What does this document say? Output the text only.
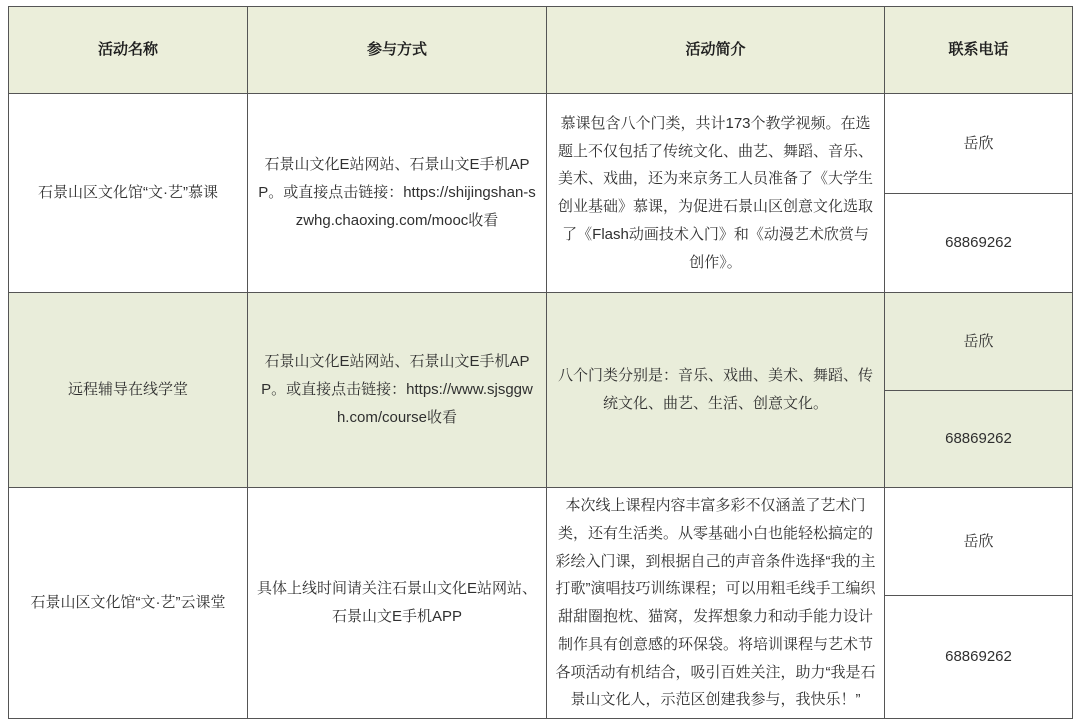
活动名称	参与方式	活动简介	联系电话
石景山区文化馆“文·艺”慕课	石景山文化E站网站、石景山文E手机APP。或直接点击链接：https://shijingshan-szwhg.chaoxing.com/mooc收看	慕课包含八个门类，共计173个教学视频。在选题上不仅包括了传统文化、曲艺、舞蹈、音乐、美术、戏曲，还为来京务工人员准备了《大学生创业基础》慕课，为促进石景山区创意文化选取了《Flash动画技术入门》和《动漫艺术欣赏与创作》。	岳欣
			68869262
远程辅导在线学堂	石景山文化E站网站、石景山文E手机APP。或直接点击链接：https://www.sjsggwh.com/course收看	八个门类分别是：音乐、戏曲、美术、舞蹈、传统文化、曲艺、生活、创意文化。	岳欣
			68869262
石景山区文化馆“文·艺”云课堂	具体上线时间请关注石景山文化E站网站、石景山文E手机APP	本次线上课程内容丰富多彩不仅涵盖了艺术门类，还有生活类。从零基础小白也能轻松搞定的彩绘入门课，到根据自己的声音条件选择“我的主打歌”演唱技巧训练课程；可以用粗毛线手工编织甜甜圈抱枕、猫窝，发挥想象力和动手能力设计制作具有创意感的环保袋。将培训课程与艺术节各项活动有机结合，吸引百姓关注，助力“我是石景山文化人，示范区创建我参与，我快乐！”	岳欣
			68869262
